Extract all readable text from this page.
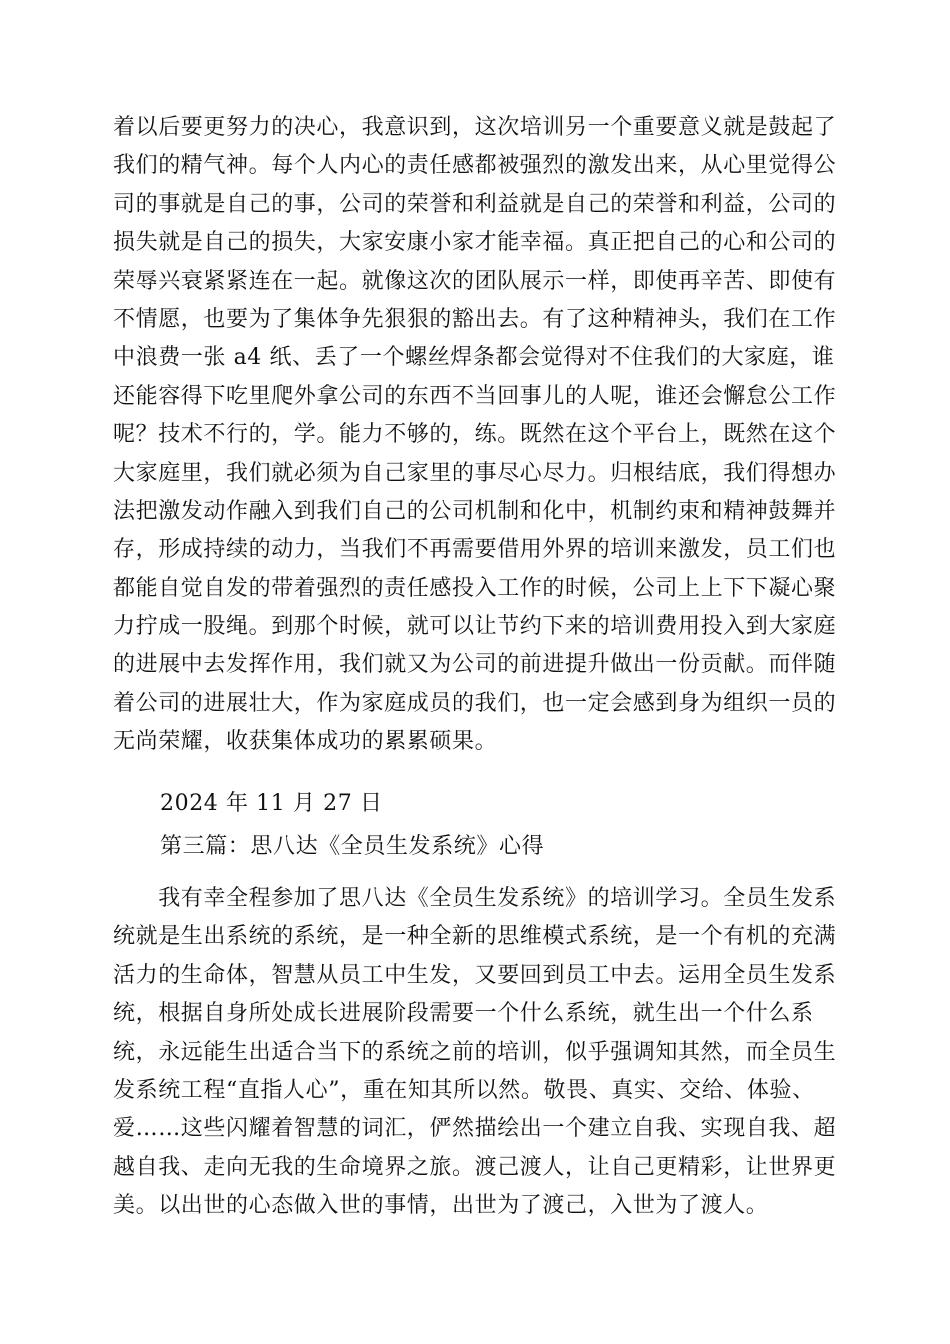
着以后要更努力的决心，我意识到，这次培训另一个重要意义就是鼓起了
我们的精气神。每个人内心的责任感都被强烈的激发出来，从心里觉得公
司的事就是自己的事，公司的荣誉和利益就是自己的荣誉和利益，公司的
损失就是自己的损失，大家安康小家才能幸福。真正把自己的心和公司的
荣辱兴衰紧紧连在一起。就像这次的团队展示一样，即使再辛苦、即使有
不情愿，也要为了集体争先狠狠的豁出去。有了这种精神头，我们在工作
中浪费一张 a4 纸、丢了一个螺丝焊条都会觉得对不住我们的大家庭，谁
还能容得下吃里爬外拿公司的东西不当回事儿的人呢，谁还会懈怠公工作
呢？技术不行的，学。能力不够的，练。既然在这个平台上，既然在这个
大家庭里，我们就必须为自己家里的事尽心尽力。归根结底，我们得想办
法把激发动作融入到我们自己的公司机制和化中，机制约束和精神鼓舞并
存，形成持续的动力，当我们不再需要借用外界的培训来激发，员工们也
都能自觉自发的带着强烈的责任感投入工作的时候，公司上上下下凝心聚
力拧成一股绳。到那个时候，就可以让节约下来的培训费用投入到大家庭
的进展中去发挥作用，我们就又为公司的前进提升做出一份贡献。而伴随
着公司的进展壮大，作为家庭成员的我们，也一定会感到身为组织一员的
无尚荣耀，收获集体成功的累累硕果。
2024 年 11 月 27 日
第三篇：思八达《全员生发系统》心得
　　我有幸全程参加了思八达《全员生发系统》的培训学习。全员生发系
统就是生出系统的系统，是一种全新的思维模式系统，是一个有机的充满
活力的生命体，智慧从员工中生发，又要回到员工中去。运用全员生发系
统，根据自身所处成长进展阶段需要一个什么系统，就生出一个什么系
统，永远能生出适合当下的系统之前的培训，似乎强调知其然，而全员生
发系统工程“直指人心”，重在知其所以然。敬畏、真实、交给、体验、
爱……这些闪耀着智慧的词汇，俨然描绘出一个建立自我、实现自我、超
越自我、走向无我的生命境界之旅。渡己渡人，让自己更精彩，让世界更
美。以出世的心态做入世的事情，出世为了渡己，入世为了渡人。
